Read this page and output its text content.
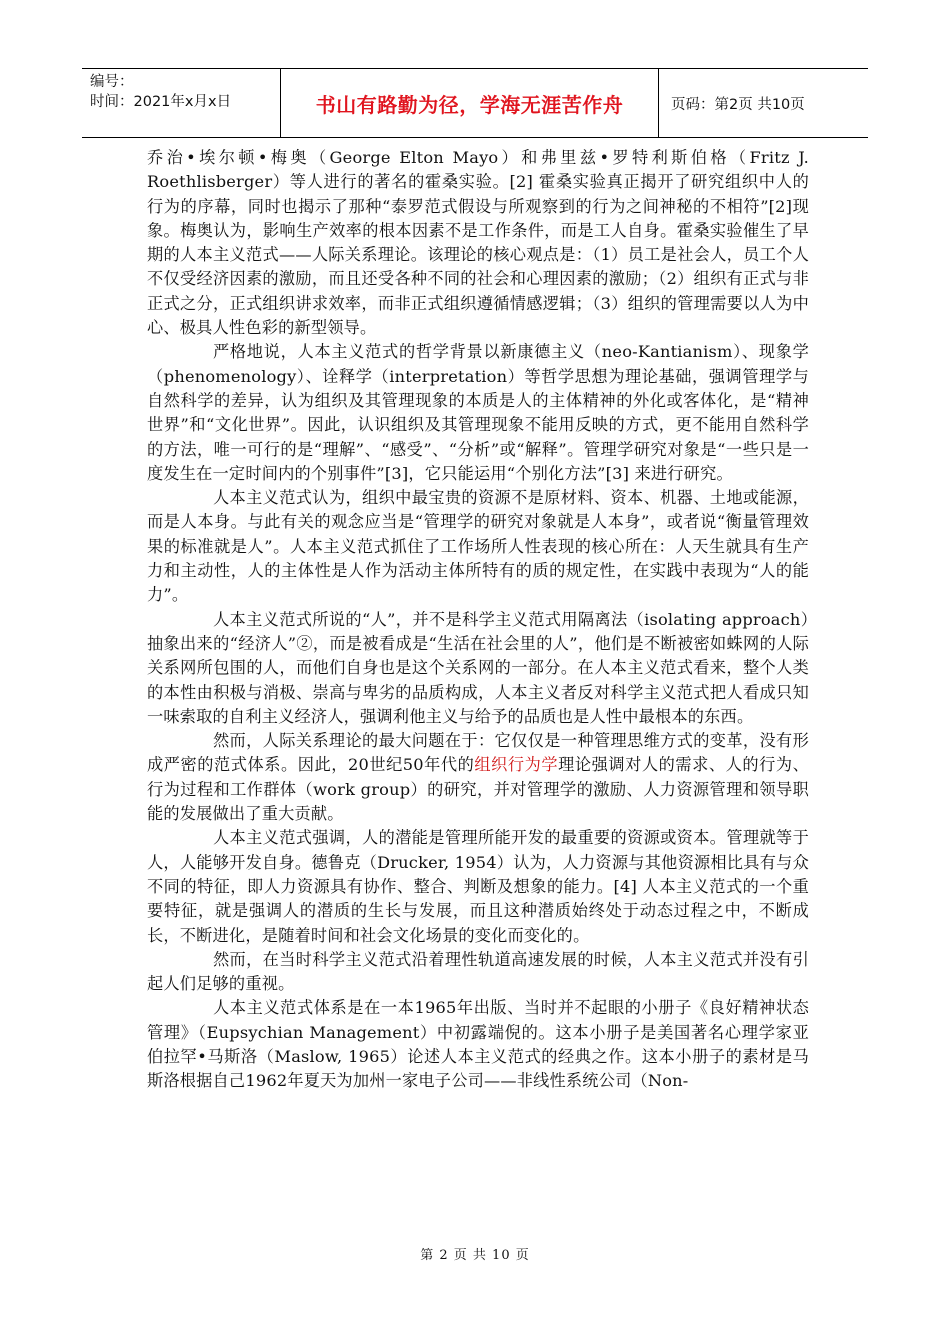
编号：
时间：2021年x月x日	书山有路勤为径，学海无涯苦作舟	页码：第2页 共10页

乔治•埃尔顿•梅奥（George Elton Mayo）和弗里兹•罗特利斯伯格（Fritz J. Roethlisberger）等人进行的著名的霍桑实验。[2] 霍桑实验真正揭开了研究组织中人的行为的序幕，同时也揭示了那种“泰罗范式假设与所观察到的行为之间神秘的不相符”[2]现象。梅奥认为，影响生产效率的根本因素不是工作条件，而是工人自身。霍桑实验催生了早期的人本主义范式——人际关系理论。该理论的核心观点是：（1）员工是社会人，员工个人不仅受经济因素的激励，而且还受各种不同的社会和心理因素的激励；（2）组织有正式与非正式之分，正式组织讲求效率，而非正式组织遵循情感逻辑；（3）组织的管理需要以人为中心、极具人性色彩的新型领导。

严格地说，人本主义范式的哲学背景以新康德主义（neo-Kantianism）、现象学（phenomenology）、诠释学（interpretation）等哲学思想为理论基础，强调管理学与自然科学的差异，认为组织及其管理现象的本质是人的主体精神的外化或客体化，是“精神世界”和“文化世界”。因此，认识组织及其管理现象不能用反映的方式，更不能用自然科学的方法，唯一可行的是“理解”、“感受”、“分析”或“解释”。管理学研究对象是“一些只是一度发生在一定时间内的个别事件”[3]，它只能运用“个别化方法”[3] 来进行研究。

人本主义范式认为，组织中最宝贵的资源不是原材料、资本、机器、土地或能源，而是人本身。与此有关的观念应当是“管理学的研究对象就是人本身”，或者说“衡量管理效果的标准就是人”。人本主义范式抓住了工作场所人性表现的核心所在：人天生就具有生产力和主动性，人的主体性是人作为活动主体所特有的质的规定性，在实践中表现为“人的能力”。

人本主义范式所说的“人”，并不是科学主义范式用隔离法（isolating approach）抽象出来的“经济人”②，而是被看成是“生活在社会里的人”，他们是不断被密如蛛网的人际关系网所包围的人，而他们自身也是这个关系网的一部分。在人本主义范式看来，整个人类的本性由积极与消极、崇高与卑劣的品质构成，人本主义者反对科学主义范式把人看成只知一味索取的自利主义经济人，强调利他主义与给予的品质也是人性中最根本的东西。

然而，人际关系理论的最大问题在于：它仅仅是一种管理思维方式的变革，没有形成严密的范式体系。因此，20世纪50年代的组织行为学理论强调对人的需求、人的行为、行为过程和工作群体（work group）的研究，并对管理学的激励、人力资源管理和领导职能的发展做出了重大贡献。

人本主义范式强调，人的潜能是管理所能开发的最重要的资源或资本。管理就等于人，人能够开发自身。德鲁克（Drucker, 1954）认为，人力资源与其他资源相比具有与众不同的特征，即人力资源具有协作、整合、判断及想象的能力。[4] 人本主义范式的一个重要特征，就是强调人的潜质的生长与发展，而且这种潜质始终处于动态过程之中，不断成长，不断进化，是随着时间和社会文化场景的变化而变化的。

然而，在当时科学主义范式沿着理性轨道高速发展的时候，人本主义范式并没有引起人们足够的重视。

人本主义范式体系是在一本1965年出版、当时并不起眼的小册子《良好精神状态管理》（Eupsychian Management）中初露端倪的。这本小册子是美国著名心理学家亚伯拉罕•马斯洛（Maslow, 1965）论述人本主义范式的经典之作。这本小册子的素材是马斯洛根据自己1962年夏天为加州一家电子公司——非线性系统公司（Non-

第 2 页 共 10 页
